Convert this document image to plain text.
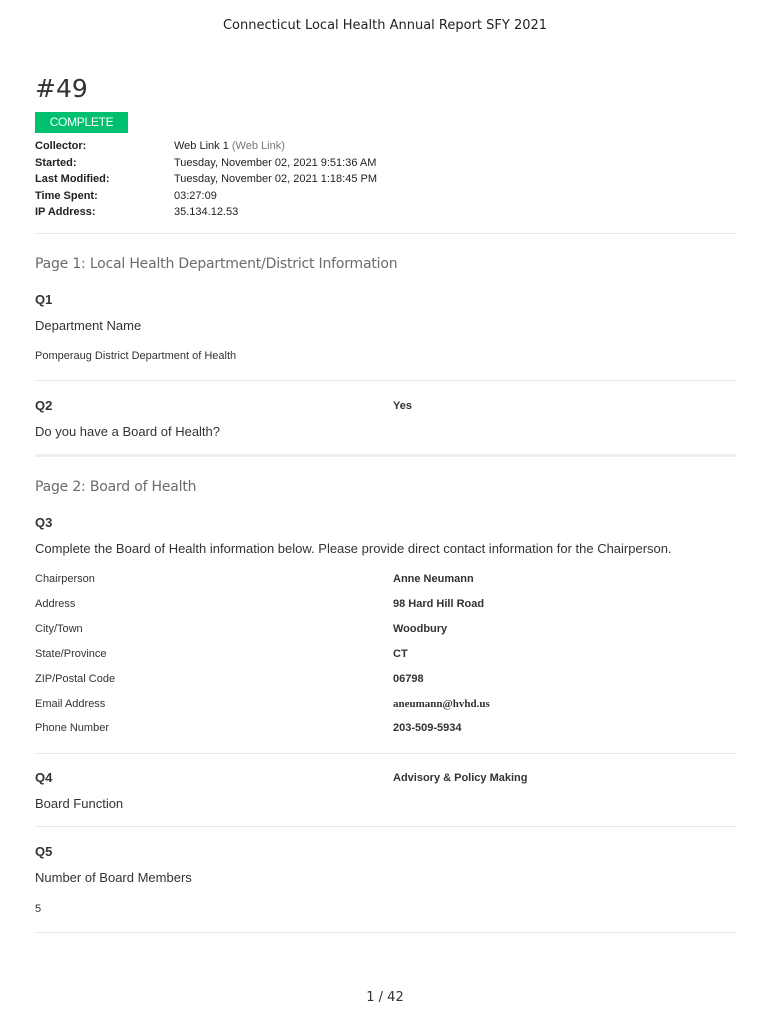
Connecticut Local Health Annual Report SFY 2021
#49
COMPLETE
Collector:	Web Link 1 (Web Link)
Started:	Tuesday, November 02, 2021 9:51:36 AM
Last Modified:	Tuesday, November 02, 2021 1:18:45 PM
Time Spent:	03:27:09
IP Address:	35.134.12.53
Page 1: Local Health Department/District Information
Q1
Department Name
Pomperaug District Department of Health
Q2	Yes
Do you have a Board of Health?
Page 2: Board of Health
Q3
Complete the Board of Health information below. Please provide direct contact information for the Chairperson.
Chairperson	Anne Neumann
Address	98 Hard Hill Road
City/Town	Woodbury
State/Province	CT
ZIP/Postal Code	06798
Email Address	aneumann@hvhd.us
Phone Number	203-509-5934
Q4	Advisory & Policy Making
Board Function
Q5
Number of Board Members
5
1 / 42
